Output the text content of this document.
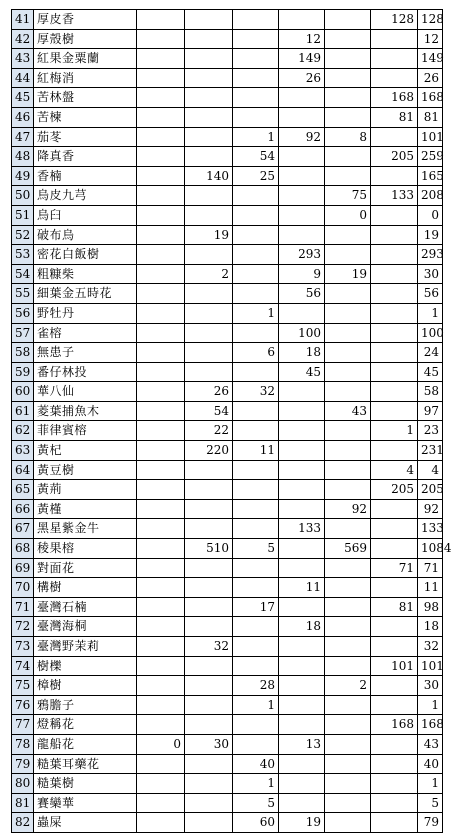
41	厚皮香						128	128
42	厚殼樹				12			12
43	紅果金粟蘭				149			149
44	紅梅消				26			26
45	苦林盤						168	168
46	苦楝						81	81
47	茄苳			1	92	8		101
48	降真香			54			205	259
49	香楠		140	25				165
50	烏皮九芎					75	133	208
51	烏臼					0		0
52	破布烏		19					19
53	密花白飯樹				293			293
54	粗糠柴		2		9	19		30
55	細葉金五時花				56			56
56	野牡丹			1				1
57	雀榕				100			100
58	無患子			6	18			24
59	番仔林投				45			45
60	華八仙		26	32				58
61	菱葉捕魚木		54			43		97
62	菲律賓榕		22				1	23
63	黃杞		220	11				231
64	黃豆樹						4	4
65	黃荊						205	205
66	黃槿					92		92
67	黑星紫金牛				133			133
68	稜果榕		510	5		569		1084
69	對面花						71	71
70	構樹				11			11
71	臺灣石楠			17			81	98
72	臺灣海桐				18			18
73	臺灣野茉莉		32					32
74	樹櫟						101	101
75	樟樹			28		2		30
76	鴉膽子			1				1
77	燈稱花						168	168
78	龍船花	0	30		13			43
79	糙葉耳藥花			40				40
80	糙葉樹			1				1
81	賽欒華			5				5
82	蟲屎			60	19			79
